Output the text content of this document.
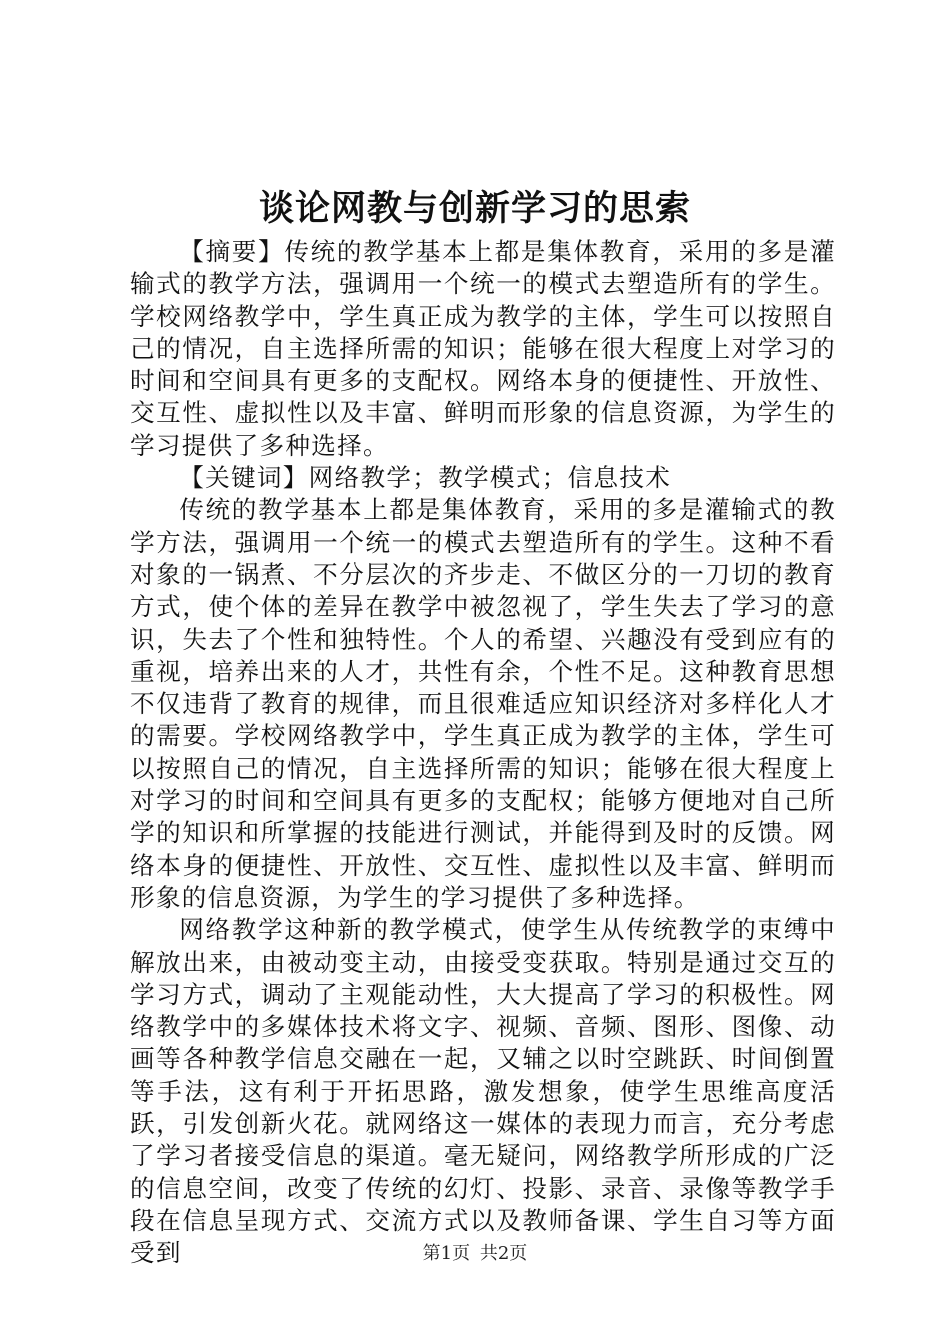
谈论网教与创新学习的思索

【摘要】传统的教学基本上都是集体教育，采用的多是灌输式的教学方法，强调用一个统一的模式去塑造所有的学生。学校网络教学中，学生真正成为教学的主体，学生可以按照自己的情况，自主选择所需的知识；能够在很大程度上对学习的时间和空间具有更多的支配权。网络本身的便捷性、开放性、交互性、虚拟性以及丰富、鲜明而形象的信息资源，为学生的学习提供了多种选择。

【关键词】网络教学；教学模式；信息技术

传统的教学基本上都是集体教育，采用的多是灌输式的教学方法，强调用一个统一的模式去塑造所有的学生。这种不看对象的一锅煮、不分层次的齐步走、不做区分的一刀切的教育方式，使个体的差异在教学中被忽视了，学生失去了学习的意识，失去了个性和独特性。个人的希望、兴趣没有受到应有的重视，培养出来的人才，共性有余，个性不足。这种教育思想不仅违背了教育的规律，而且很难适应知识经济对多样化人才的需要。学校网络教学中，学生真正成为教学的主体，学生可以按照自己的情况，自主选择所需的知识；能够在很大程度上对学习的时间和空间具有更多的支配权；能够方便地对自己所学的知识和所掌握的技能进行测试，并能得到及时的反馈。网络本身的便捷性、开放性、交互性、虚拟性以及丰富、鲜明而形象的信息资源，为学生的学习提供了多种选择。

网络教学这种新的教学模式，使学生从传统教学的束缚中解放出来，由被动变主动，由接受变获取。特别是通过交互的学习方式，调动了主观能动性，大大提高了学习的积极性。网络教学中的多媒体技术将文字、视频、音频、图形、图像、动画等各种教学信息交融在一起，又辅之以时空跳跃、时间倒置等手法，这有利于开拓思路，激发想象，使学生思维高度活跃，引发创新火花。就网络这一媒体的表现力而言，充分考虑了学习者接受信息的渠道。毫无疑问，网络教学所形成的广泛的信息空间，改变了传统的幻灯、投影、录音、录像等教学手段在信息呈现方式、交流方式以及教师备课、学生自习等方面受到	第1页 共2页
